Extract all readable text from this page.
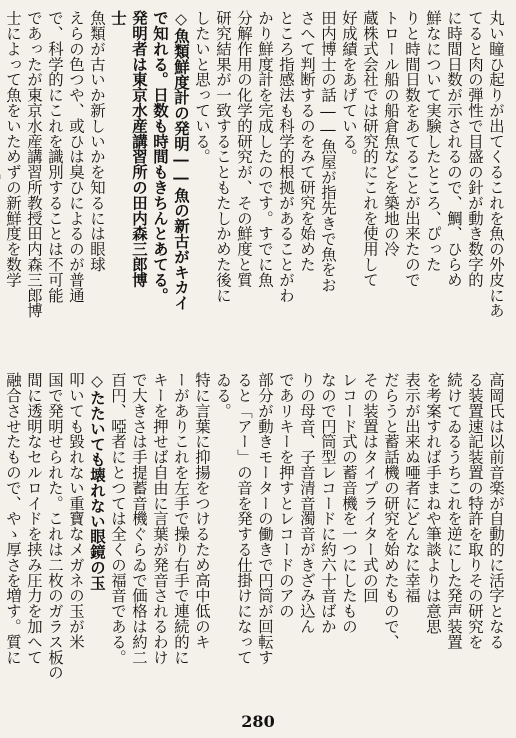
丸い瞳ひ起りが出てくるこれを魚の外皮にあ
てると肉の弾性で目盛の針が動き数字的
に時間日数が示されるので、鯛、ひらめ
鮮なについて実験したところ、ぴった
りと時間日数をあてることが出来たので
トロール船の船倉魚などを築地の冷
蔵株式会社では研究的にこれを使用して
好成績をあげている。
田内博士の話――魚屋が指先きで魚をお
さへて判断するのをみて研究を始めた
ところ指感法も科学的根拠があることがわ
かり鮮度計を完成したのです。すでに魚
分解作用の化学的研究が、その鮮度と質
研究結果が一致することもたしかめた後に
したいと思っている。
◇魚類鮮度計の発明――魚の新古がキカイ
で知れる。日数も時間もきちんとあてる。
発明者は東京水産講習所の田内森三郎博
士
魚類が古いか新しいかを知るには眼球
えらの色つや、或ひは臭ひによるのが普通
で、科学的にこれを識別することは不可能
であったが東京水産講習所教授田内森三郎博
士によって魚をいためずの新鮮度を数学
高岡氏は以前音楽が自動的に活字となる
る装置速記装置の特許を取りその研究を
続けてゐるうちこれを逆にした発声装置
を考案すれば手まねや筆談よりは意思
表示が出来ぬ唖者にどんなに幸福
だらうと蓄話機の研究を始めたもので、
その装置はタイプライター式の回
レコード式の蓄音機を一つにしたもの
なので円筒型レコードに約六十音ばか
りの母音、子音清音濁音がきざみ込ん
であリキーを押すとレコードのアの
部分が動きモーターの働きで円筒が回転す
ると「アー」の音を発する仕掛けになって
ゐる。
特に言葉に抑揚をつけるため高中低のキ
ーがありこれを左手で操り右手で連続的に
キーを押せば自由に言葉が発音されるわけ
で大きさは手提蓄音機ぐらゐで価格は約二
百円、啞者にとつては全くの福音である。
◇たたいても壊れない眼鏡の玉
叩いても毀れない重寶なメガネの玉が米
国で発明せられた。これは二枚のガラス板の
間に透明なセルロイドを挟み圧力を加へて
融合させたもので、やゝ厚さを増す。質に
280
